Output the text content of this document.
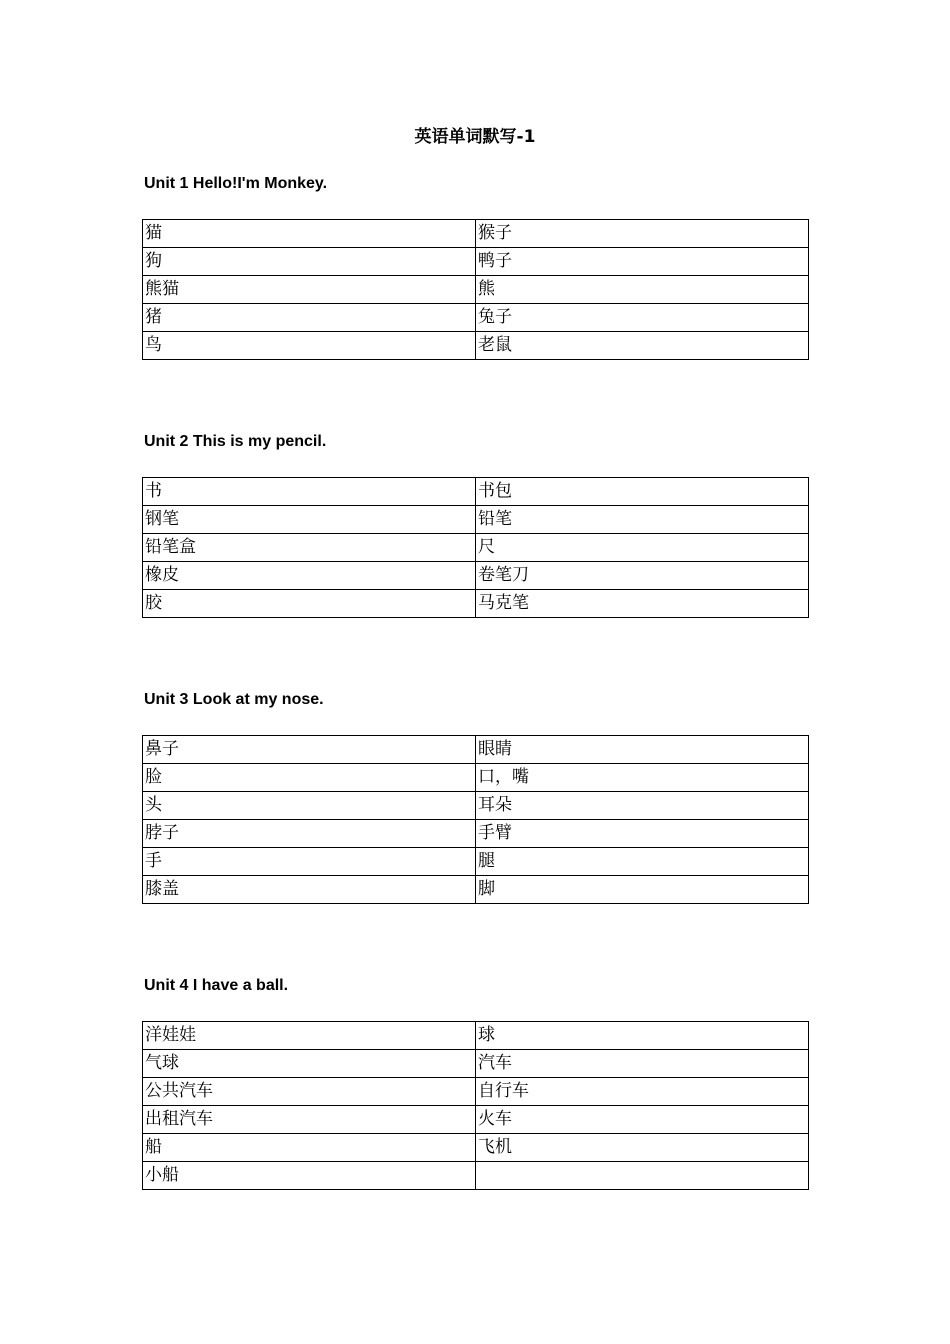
英语单词默写-1
Unit 1 Hello!I'm Monkey.
猫	猴子
狗	鸭子
熊猫	熊
猪	兔子
鸟	老鼠
Unit 2 This is my pencil.
书	书包
钢笔	铅笔
铅笔盒	尺
橡皮	卷笔刀
胶	马克笔
Unit 3 Look at my nose.
鼻子	眼睛
脸	口，嘴
头	耳朵
脖子	手臂
手	腿
膝盖	脚
Unit 4 I have a ball.
洋娃娃	球
气球	汽车
公共汽车	自行车
出租汽车	火车
船	飞机
小船	
